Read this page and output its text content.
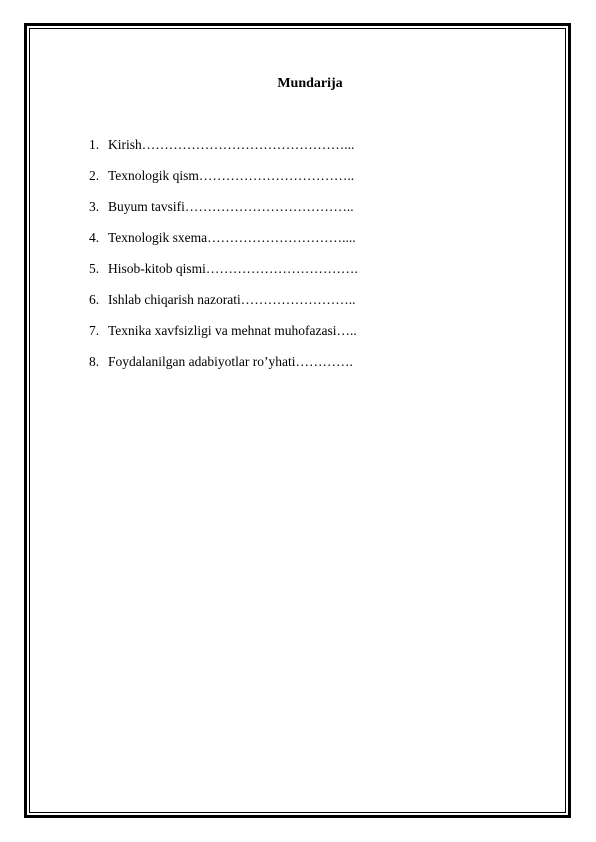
Mundarija
1. Kirish………………………………………...
2. Texnologik qism……………………………..
3. Buyum tavsifi………………………………..
4. Texnologik sxema…………………………....
5. Hisob-kitob qismi…………………………….
6. Ishlab chiqarish nazorati……………………..
7. Texnika xavfsizligi va mehnat muhofazasi…..
8. Foydalanilgan adabiyotlar ro’yhati………….
